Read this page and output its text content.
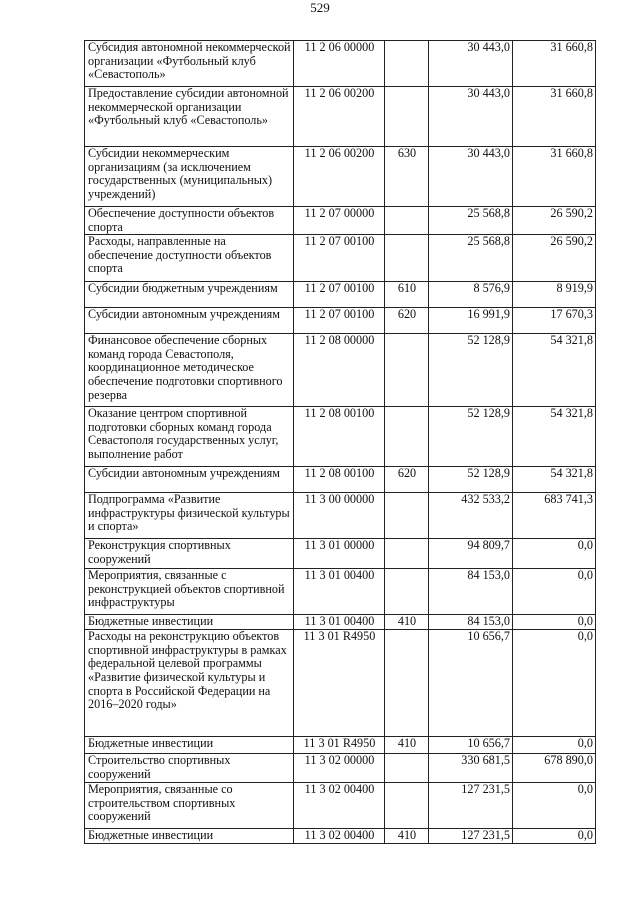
529
Субсидия автономной некоммерческой организации «Футбольный клуб «Севастополь»	11 2 06 00000		30 443,0	31 660,8
Предоставление субсидии автономной некоммерческой организации «Футбольный клуб «Севастополь»	11 2 06 00200		30 443,0	31 660,8
Субсидии некоммерческим организациям (за исключением государственных (муниципальных) учреждений)	11 2 06 00200	630	30 443,0	31 660,8
Обеспечение доступности объектов спорта	11 2 07 00000		25 568,8	26 590,2
Расходы, направленные на обеспечение доступности объектов спорта	11 2 07 00100		25 568,8	26 590,2
Субсидии бюджетным учреждениям	11 2 07 00100	610	8 576,9	8 919,9
Субсидии автономным учреждениям	11 2 07 00100	620	16 991,9	17 670,3
Финансовое обеспечение сборных команд города Севастополя, координационное методическое обеспечение подготовки спортивного резерва	11 2 08 00000		52 128,9	54 321,8
Оказание центром спортивной подготовки сборных команд города Севастополя государственных услуг, выполнение работ	11 2 08 00100		52 128,9	54 321,8
Субсидии автономным учреждениям	11 2 08 00100	620	52 128,9	54 321,8
Подпрограмма «Развитие инфраструктуры физической культуры и спорта»	11 3 00 00000		432 533,2	683 741,3
Реконструкция спортивных сооружений	11 3 01 00000		94 809,7	0,0
Мероприятия, связанные с реконструкцией объектов спортивной инфраструктуры	11 3 01 00400		84 153,0	0,0
Бюджетные инвестиции	11 3 01 00400	410	84 153,0	0,0
Расходы на реконструкцию объектов спортивной инфраструктуры в рамках федеральной целевой программы «Развитие физической культуры и спорта в Российской Федерации на 2016–2020 годы»	11 3 01 R4950		10 656,7	0,0
Бюджетные инвестиции	11 3 01 R4950	410	10 656,7	0,0
Строительство спортивных сооружений	11 3 02 00000		330 681,5	678 890,0
Мероприятия, связанные со строительством спортивных сооружений	11 3 02 00400		127 231,5	0,0
Бюджетные инвестиции	11 3 02 00400	410	127 231,5	0,0
